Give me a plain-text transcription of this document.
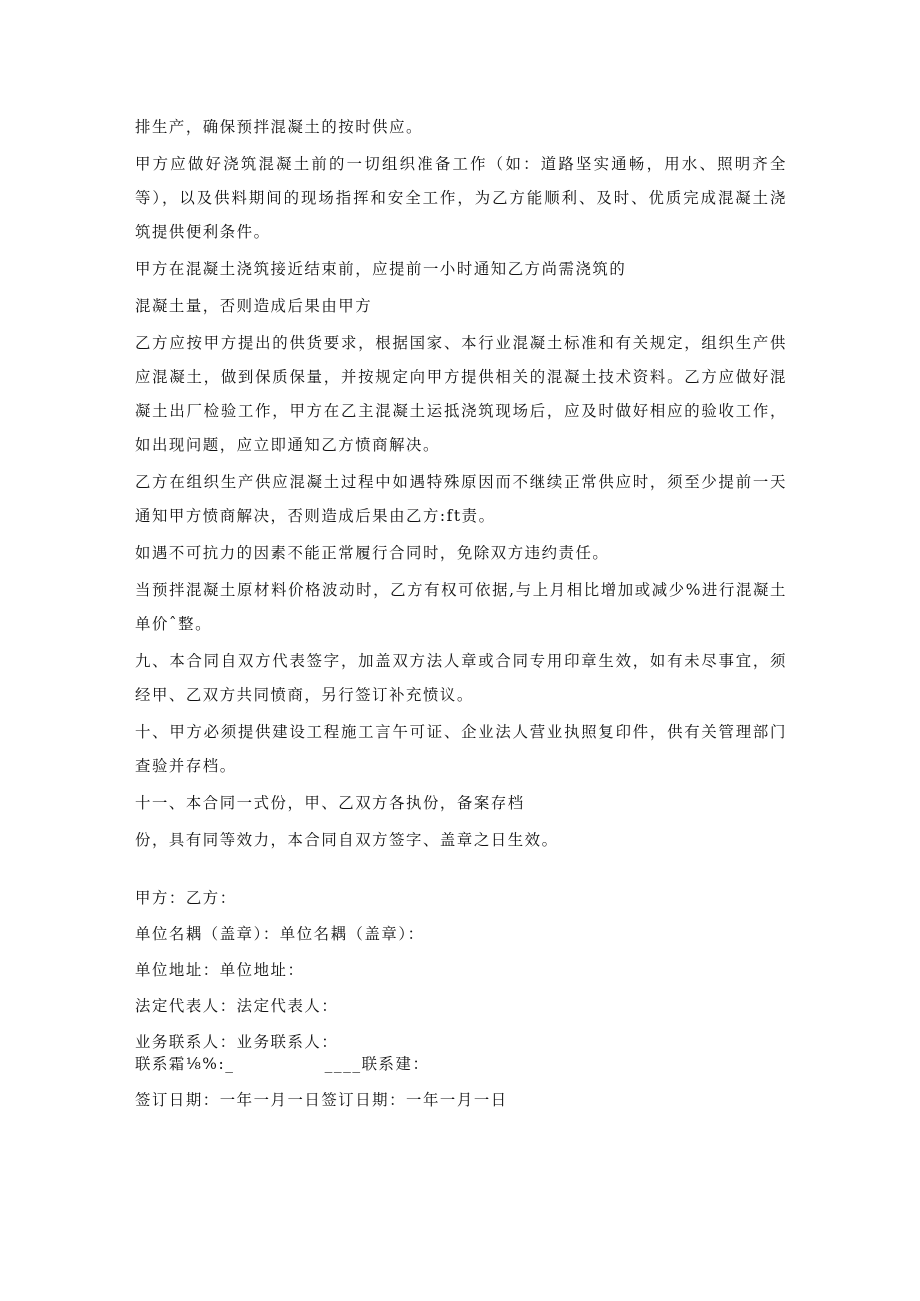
排生产，确保预拌混凝土的按时供应。

甲方应做好浇筑混凝土前的一切组织准备工作（如：道路坚实通畅，用水、照明齐全等），以及供料期间的现场指挥和安全工作，为乙方能顺利、及时、优质完成混凝土浇筑提供便利条件。

甲方在混凝土浇筑接近结束前，应提前一小时通知乙方尚需浇筑的

混凝土量，否则造成后果由甲方

乙方应按甲方提出的供货要求，根据国家、本行业混凝土标准和有关规定，组织生产供应混凝土，做到保质保量，并按规定向甲方提供相关的混凝土技术资料。乙方应做好混凝土出厂检验工作，甲方在乙主混凝土运抵浇筑现场后，应及时做好相应的验收工作，如出现问题，应立即通知乙方愤商解决。

乙方在组织生产供应混凝土过程中如遇特殊原因而不继续正常供应时，须至少提前一天通知甲方愤商解决，否则造成后果由乙方:ft责。

如遇不可抗力的因素不能正常履行合同时，免除双方违约责任。

当预拌混凝土原材料价格波动时，乙方有权可依据,与上月相比增加或减少%进行混凝土单价ˆ整。

九、本合同自双方代表签字，加盖双方法人章或合同专用印章生效，如有未尽事宜，须经甲、乙双方共同愤商，另行签订补充愤议。

十、甲方必须提供建设工程施工言午可证、企业法人营业执照复印件，供有关管理部门查验并存档。

十一、本合同一式份，甲、乙双方各执份，备案存档

份，具有同等效力，本合同自双方签字、盖章之日生效。

甲方：乙方：

单位名耦（盖章）：单位名耦（盖章）：

单位地址：单位地址：

法定代表人：法定代表人：

业务联系人：业务联系人：

联系霜⅛%:_              ____联系建：

签订日期：一年一月一日签订日期：一年一月一日
